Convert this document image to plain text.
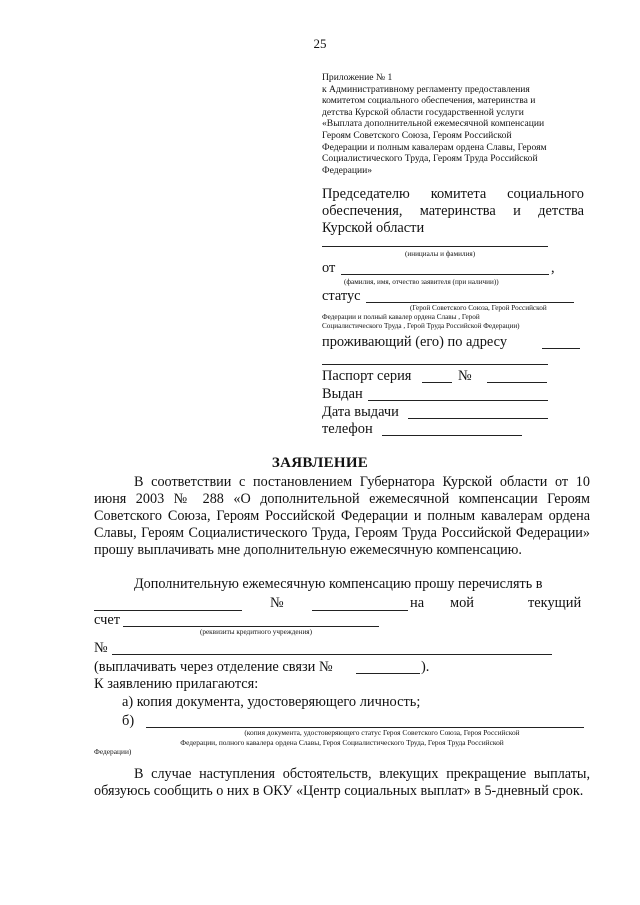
25
Приложение № 1
к Административному регламенту предоставления
комитетом социального обеспечения, материнства и
детства Курской области государственной услуги
«Выплата дополнительной ежемесячной компенсации
Героям Советского Союза, Героям Российской
Федерации и полным кавалерам ордена Славы, Героям
Социалистического Труда, Героям Труда Российской
Федерации»
Председателю комитета социального
обеспечения, материнства и детства
Курской области
(инициалы и фамилия)
от	,
(фамилия, имя, отчество заявителя (при наличии))
статус
(Герой Советского Союза, Герой Российской
Федерации и полный кавалер ордена Славы , Герой
Социалистического Труда , Герой Труда Российской Федерации)
проживающий (его) по адресу
Паспорт серия	№
Выдан
Дата выдачи
телефон
ЗАЯВЛЕНИЕ
В соответствии с постановлением Губернатора Курской области от 10 июня 2003 № 288 «О дополнительной ежемесячной компенсации Героям Советского Союза, Героям Российской Федерации и полным кавалерам ордена Славы, Героям Социалистического Труда, Героям Труда Российской Федерации» прошу выплачивать мне дополнительную ежемесячную компенсацию.
Дополнительную ежемесячную компенсацию прошу перечислять в
№	на мой	текущий
счет
(реквизиты кредитного учреждения)
№
(выплачивать через отделение связи №	).
К заявлению прилагаются:
а) копия документа, удостоверяющего личность;
б)
(копия документа, удостоверяющего статус Героя Советского Союза, Героя Российской
Федерации, полного кавалера ордена Славы, Героя Социалистического Труда, Героя Труда Российской
Федерации)
В случае наступления обстоятельств, влекущих прекращение выплаты, обязуюсь сообщить о них в ОКУ «Центр социальных выплат» в 5-дневный срок.
